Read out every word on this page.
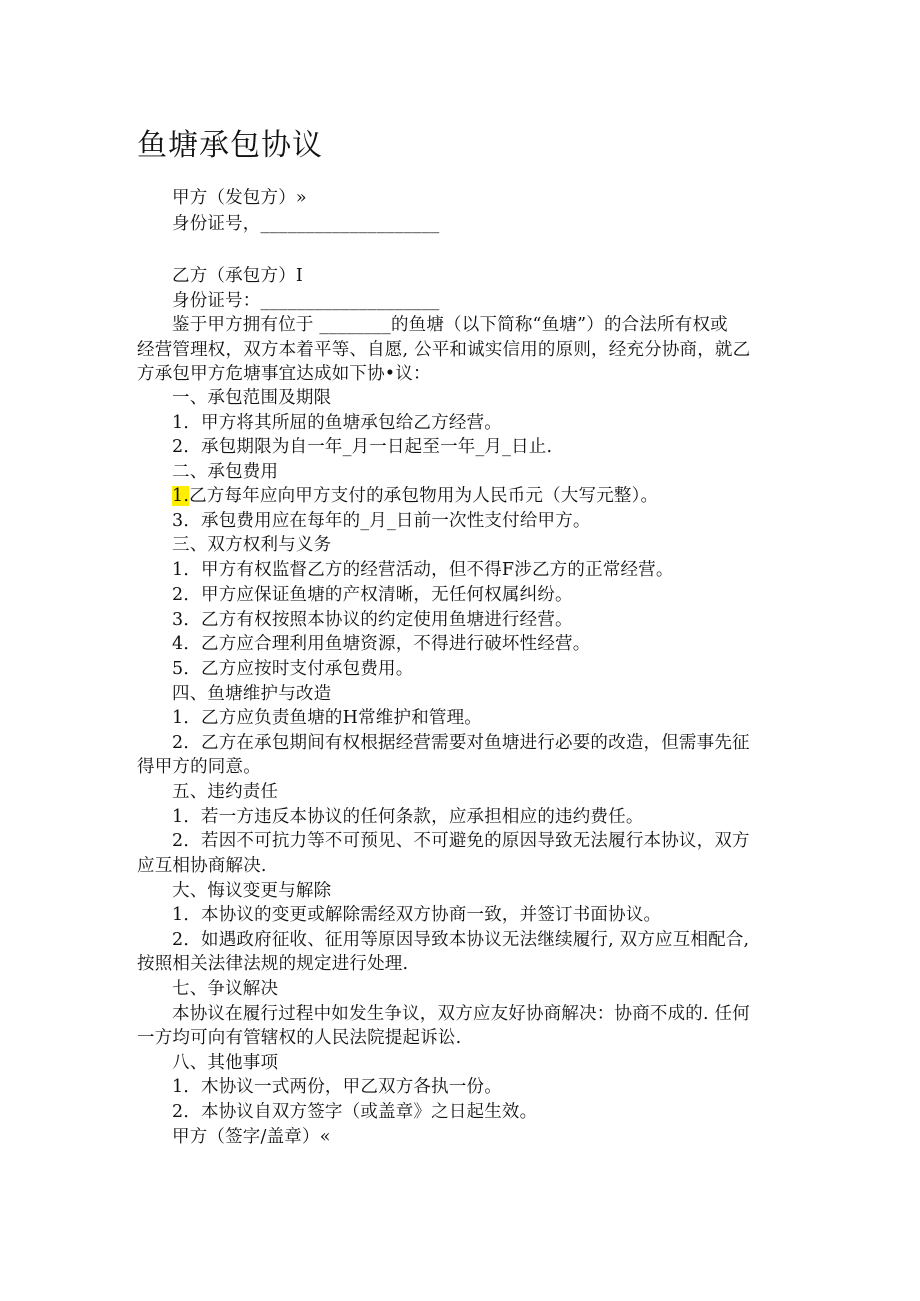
鱼塘承包协议
甲方（发包方）»
身份证号，____________________
乙方（承包方）I
身份证号：____________________
鉴于甲方拥有位于 ________的鱼塘（以下简称“鱼塘”）的合法所有权或
经营管理权，双方本着平等、自愿, 公平和诚实信用的原则，经充分协商，就乙
方承包甲方危塘事宜达成如下协•议：
一、承包范围及期限
1．甲方将其所屈的鱼塘承包给乙方经营。
2．承包期限为自一年_月一日起至一年_月_日止.
二、承包费用
1.乙方每年应向甲方支付的承包物用为人民币元（大写元整）。
3．承包费用应在每年的_月_日前一次性支付给甲方。
三、双方权利与义务
1．甲方有权监督乙方的经营活动，但不得F涉乙方的正常经营。
2．甲方应保证鱼塘的产权清晰，无任何权属纠纷。
3．乙方有权按照本协议的约定使用鱼塘进行经营。
4．乙方应合理利用鱼塘资源，不得进行破坏性经营。
5．乙方应按时支付承包费用。
四、鱼塘维护与改造
1．乙方应负责鱼塘的H常维护和管理。
2．乙方在承包期间有权根据经营需要对鱼塘进行必要的改造，但需事先征
得甲方的同意。
五、违约责任
1．若一方违反本协议的任何条款，应承担相应的违约费任。
2．若因不可抗力等不可预见、不可避免的原因导致无法履行本协议，双方
应互相协商解决.
大、悔议变更与解除
1．本协议的变更或解除需经双方协商一致，并签订书面协议。
2．如遇政府征收、征用等原因导致本协议无法继续履行, 双方应互相配合,
按照相关法律法规的规定进行处理.
七、争议解决
本协议在履行过程中如发生争议，双方应友好协商解决：协商不成的. 任何
一方均可向有管辖权的人民法院提起诉讼.
八、其他事项
1．木协议一式两份，甲乙双方各执一份。
2．本协议自双方签字（或盖章》之日起生效。
甲方（签字/盖章）«
